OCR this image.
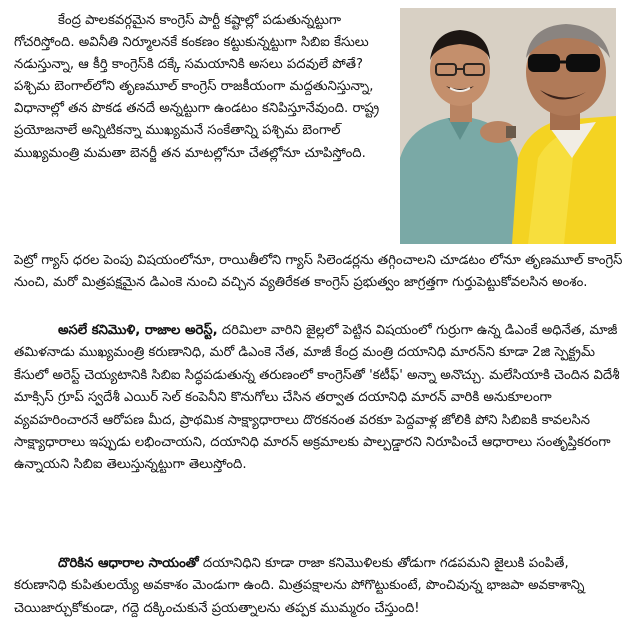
కేంద్ర పాలకవర్గమైన కాంగ్రెస్ పార్టీ కష్టాల్లో పడుతున్నట్టుగా గోచరిస్తోంది. అవినీతి నిర్మూలనకే కంకణం కట్టుకున్నట్టుగా సిబిఐ కేసులు నడుస్తున్నా, ఆ కీర్తి కాంగ్రెస్‌కి దక్కే సమయానికి అసలు పదవులే పోతే? పశ్చిమ బెంగాల్‌లోని తృణమూల్ కాంగ్రెస్ రాజకీయంగా మద్దతునిస్తున్నా, విధానాల్లో తన పొకడ తనదే అన్నట్టుగా ఉండటం కనిపిస్తూనేవుంది. రాష్ట్ర ప్రయోజనాలే అన్నిటికన్నా ముఖ్యమనే సంకేతాన్ని పశ్చిమ బెంగాల్ ముఖ్యమంత్రి మమతా బెనర్జీ తన మాటల్లోనూ చేతల్లోనూ చూపిస్తోంది.

పెట్రో గ్యాస్ ధరల పెంపు విషయంలోనూ, రాయితీలోని గ్యాస్ సిలెండర్లను తగ్గించాలని చూడటం లోనూ తృణమూల్ కాంగ్రెస్ నుంచి, మరో మిత్రపక్షమైన డిఎంకె నుంచి వచ్చిన వ్యతిరేకత కాంగ్రెస్ ప్రభుత్వం జాగ్రత్తగా గుర్తుపెట్టుకోవలసిన అంశం.

అసలే కనిమొళి, రాజాల అరెస్ట్, దరిమిలా వారిని జైల్లలో పెట్టిన విషయంలో గుర్రుగా ఉన్న డిఎంకే అధినేత, మాజీ తమిళనాడు ముఖ్యమంత్రి కరుణానిధి, మరో డిఎంకె నేత, మాజీ కేంద్ర మంత్రి దయానిధి మారన్‌ని కూడా 2జి స్పెక్ట్రమ్ కేసులో అరెస్ట్ చెయ్యటానికి సిబిఐ సిద్ధపడుతున్న తరుణంలో కాంగ్రెస్‌తో 'కటీఫ్' అన్నా అనొచ్చు. మలేసియాకి చెందిన విదేశీ మాక్సిస్ గ్రూప్ స్వదేశీ ఎయిర్ సెల్ కంపెనీని కొనుగోలు చేసిన తర్వాత దయానిధి మారన్ వారికి అనుకూలంగా వ్యవహరించారనే ఆరోపణ మీద, ప్రాథమిక సాక్ష్యాధారాలు దొరకనంత వరకూ పెద్దవాళ్ల జోలికి పోని సిబిఐకి కావలసిన సాక్ష్యాధారాలు ఇప్పుడు లభించాయని, దయానిధి మారన్ అక్రమాలకు పాల్పడ్డారని నిరూపించే ఆధారాలు సంతృప్తికరంగా ఉన్నాయని సిబిఐ తెలుస్తున్నట్టుగా తెలుస్తోంది.

దొరికిన ఆధారాల సాయంతో దయానిధిని కూడా రాజా కనిమొళిలకు తోడుగా గడపమని జైలుకి పంపితే, కరుణానిధి కుపితులయ్యే అవకాశం మెండుగా ఉంది. మిత్రపక్షాలను పోగొట్టుకుంటే, పొంచివున్న భాజపా అవకాశాన్ని చెయిజార్చుకోకుండా, గద్దె దక్కించుకునే ప్రయత్నాలను తప్పక ముమ్మరం చేస్తుంది!
